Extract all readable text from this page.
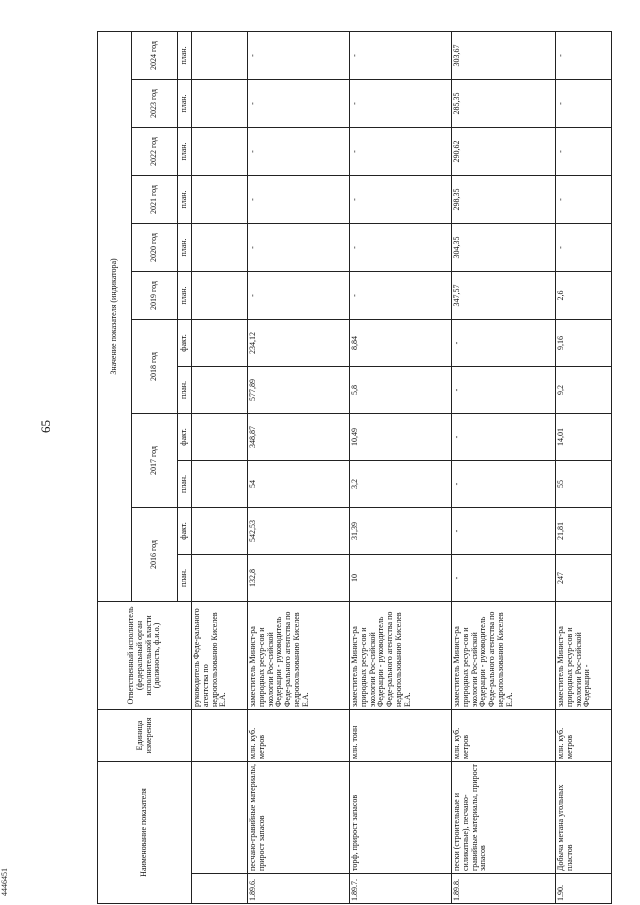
65
4446451
Наименование показателя		Единица измерения	Ответственный исполнитель (федеральный орган исполнительной власти (должность, ф.и.о.)	Значение показателя (индикатора)											
				2016 год		2017 год		2018 год		2019 год	2020 год	2021 год	2022 год	2023 год	2024 год

				план.	факт.	план.	факт.	план.	факт.	план.	план.	план.	план.	план.	план.
			руководитель Феде-рального агентства по недропользованию Киселев Е.А.												
1.89.6.	песчано-гравийные материалы, прирост запасов	млн. куб. метров	заместитель Минист-ра природных ресур-сов и экологии Рос-сийской Федерации - руководитель Феде-рального агентства по недропользованию Киселев Е.А.	132,8	542,53	54	348,87	577,89	234,12	-	-	-	-	-	-
1.89.7.	торф, прирост запасов	млн. тонн	заместитель Минист-ра природных ресур-сов и экологии Рос-сийской Федерации - руководитель Феде-рального агентства по недропользованию Киселев Е.А.	10	31,39	3,2	10,49	5,8	8,84	-	-	-	-	-	-
1.89.8.	пески (строительные и силикатные), песчано-гравийные материалы, прирост запасов	млн. куб. метров	заместитель Минист-ра природных ресур-сов и экологии Рос-сийской Федерации - руководитель Феде-рального агентства по недропользованию Киселев Е.А.	-	-	-	-	-	-	347,57	304,35	298,35	290,62	285,35	303,67
1.90.	Добыча метана угольных пластов	млн. куб. метров	заместитель Минист-ра природных ресур-сов и экологии Рос-сийской Федерации -	247	21,81	55	14,01	9,2	9,16	2,6	-	-	-	-	-
